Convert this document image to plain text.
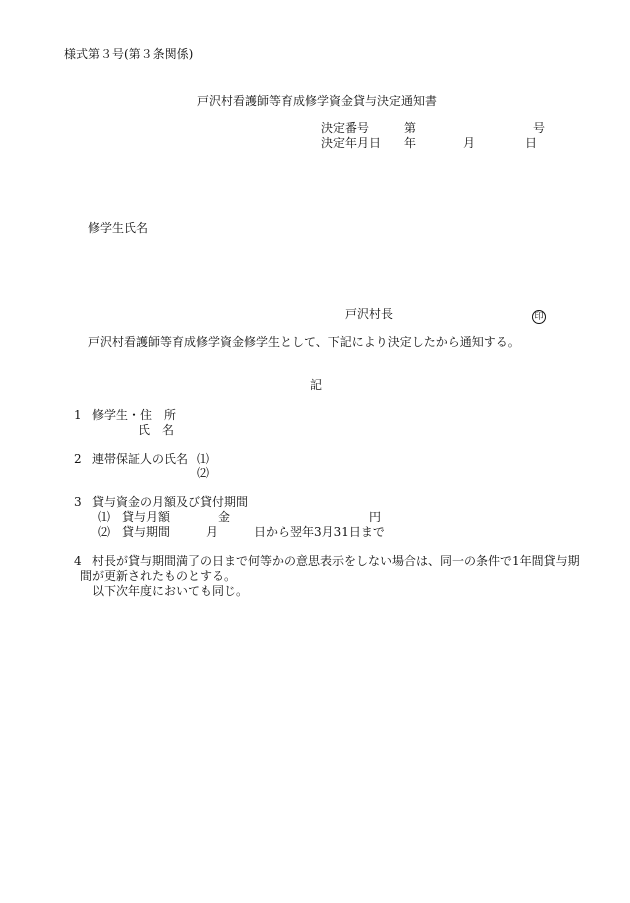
様式第３号(第３条関係)
戸沢村看護師等育成修学資金貸与決定通知書
決定番号	第	号
決定年月日 年	月	日
修学生氏名
戸沢村長	印
戸沢村看護師等育成修学資金修学生として、下記により決定したから通知する。
記
1 修学生・住　所
氏　名
2 連帯保証人の氏名 ⑴
⑵
3 貸与資金の月額及び貸付期間
⑴ 貸与月額	金	円
⑵ 貸与期間	月	日から翌年3月31日まで
4 村長が貸与期間満了の日まで何等かの意思表示をしない場合は、同一の条件で1年間貸与期
間が更新されたものとする。
以下次年度においても同じ。
